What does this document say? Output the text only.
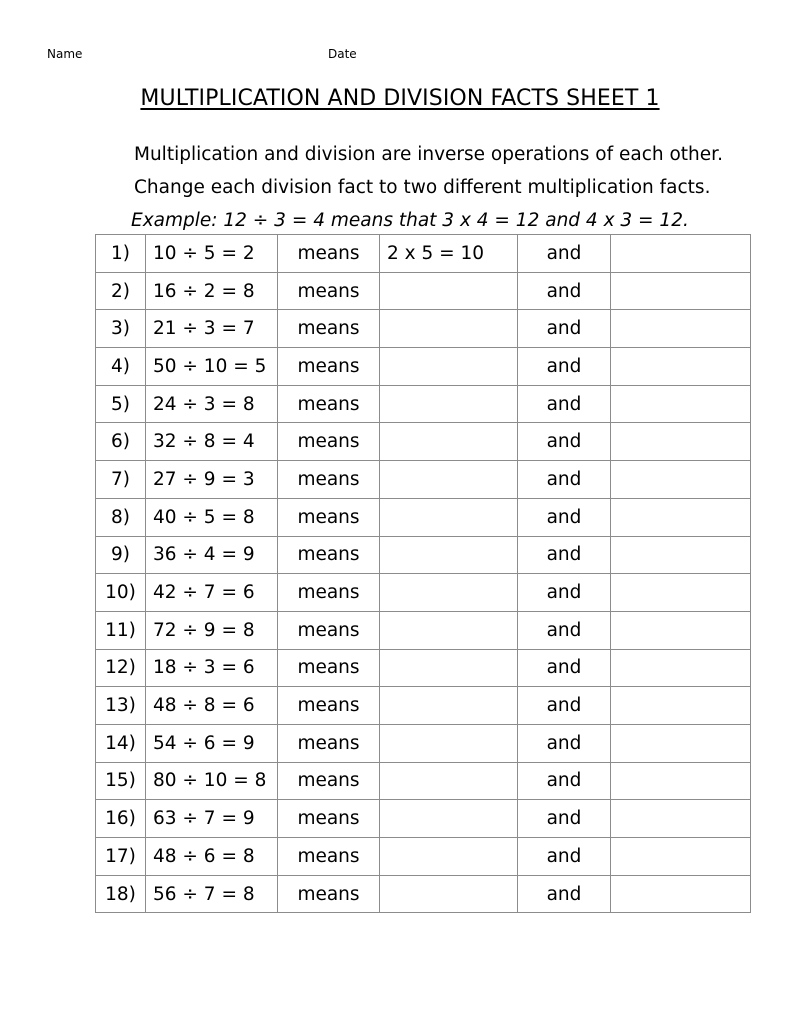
Name	Date
MULTIPLICATION AND DIVISION FACTS SHEET 1
Multiplication and division are inverse operations of each other.
Change each division fact to two different multiplication facts.
Example: 12 ÷ 3 = 4 means that 3 x 4 = 12 and 4 x 3 = 12.
1)	10 ÷ 5 = 2	means	2 x 5 = 10	and	
2)	16 ÷ 2 = 8	means		and	
3)	21 ÷ 3 = 7	means		and	
4)	50 ÷ 10 = 5	means		and	
5)	24 ÷ 3 = 8	means		and	
6)	32 ÷ 8 = 4	means		and	
7)	27 ÷ 9 = 3	means		and	
8)	40 ÷ 5 = 8	means		and	
9)	36 ÷ 4 = 9	means		and	
10)	42 ÷ 7 = 6	means		and	
11)	72 ÷ 9 = 8	means		and	
12)	18 ÷ 3 = 6	means		and	
13)	48 ÷ 8 = 6	means		and	
14)	54 ÷ 6 = 9	means		and	
15)	80 ÷ 10 = 8	means		and	
16)	63 ÷ 7 = 9	means		and	
17)	48 ÷ 6 = 8	means		and	
18)	56 ÷ 7 = 8	means		and	
